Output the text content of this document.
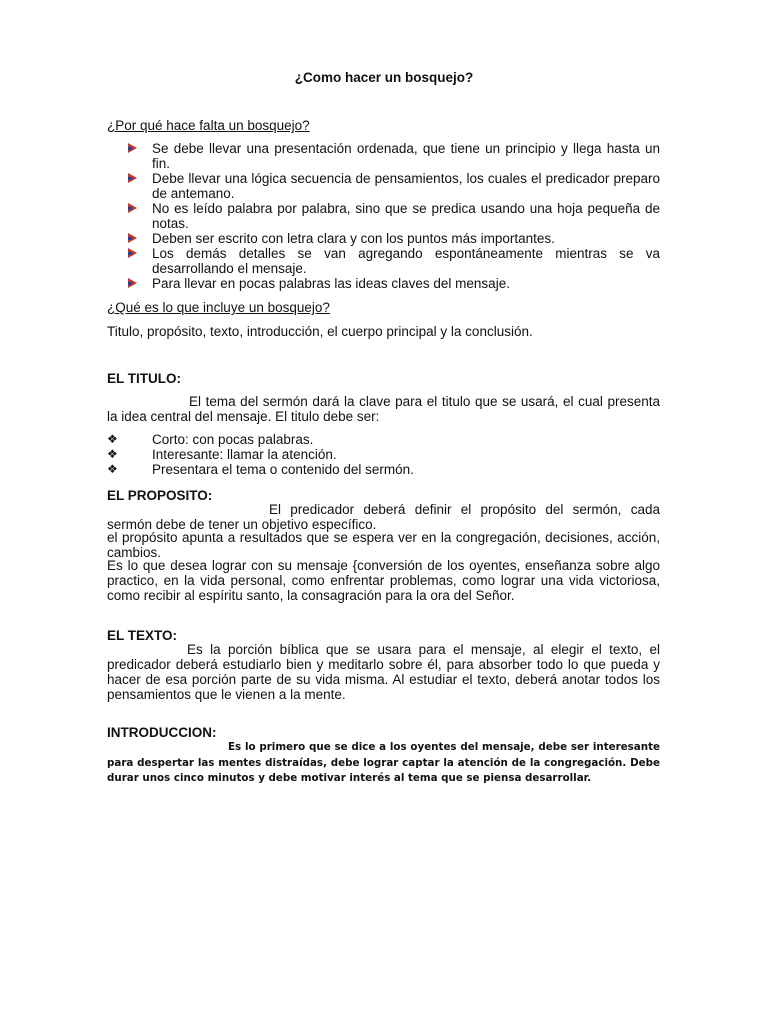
¿Como hacer un bosquejo?
¿Por qué hace falta un bosquejo?
Se debe llevar una presentación ordenada, que tiene un principio y llega hasta un fin.
Debe llevar una lógica secuencia de pensamientos, los cuales el predicador preparo de antemano.
No es leído palabra por palabra, sino que se predica usando una hoja pequeña de notas.
Deben ser escrito con letra clara y con los puntos más importantes.
Los demás detalles se van agregando espontáneamente mientras se va desarrollando el mensaje.
Para llevar en pocas palabras las ideas claves del mensaje.
¿Qué es lo que incluye un bosquejo?
Titulo, propósito, texto, introducción, el cuerpo principal y la conclusión.
EL TITULO:
El tema del sermón dará la clave para el titulo que se usará, el cual presenta la idea central del mensaje. El titulo debe ser:
❖	Corto: con pocas palabras.
❖	Interesante: llamar la atención.
❖	Presentara el tema o contenido del sermón.
EL PROPOSITO:
El predicador deberá definir el propósito del sermón, cada sermón debe de tener un objetivo específico.
el propósito apunta a resultados que se espera ver en la congregación, decisiones, acción, cambios.
Es lo que desea lograr con su mensaje {conversión de los oyentes, enseñanza sobre algo practico, en la vida personal, como enfrentar problemas, como lograr una vida victoriosa, como recibir al espíritu santo, la consagración para la ora del Señor.
EL TEXTO:
Es la porción bíblica que se usara para el mensaje, al elegir el texto, el predicador deberá estudiarlo bien y meditarlo sobre él, para absorber todo lo que pueda y hacer de esa porción parte de su vida misma. Al estudiar el texto, deberá anotar todos los pensamientos que le vienen a la mente.
INTRODUCCION:
Es lo primero que se dice a los oyentes del mensaje, debe ser interesante para despertar las mentes distraídas, debe lograr captar la atención de la congregación. Debe durar unos cinco minutos y debe motivar interés al tema que se piensa desarrollar.
